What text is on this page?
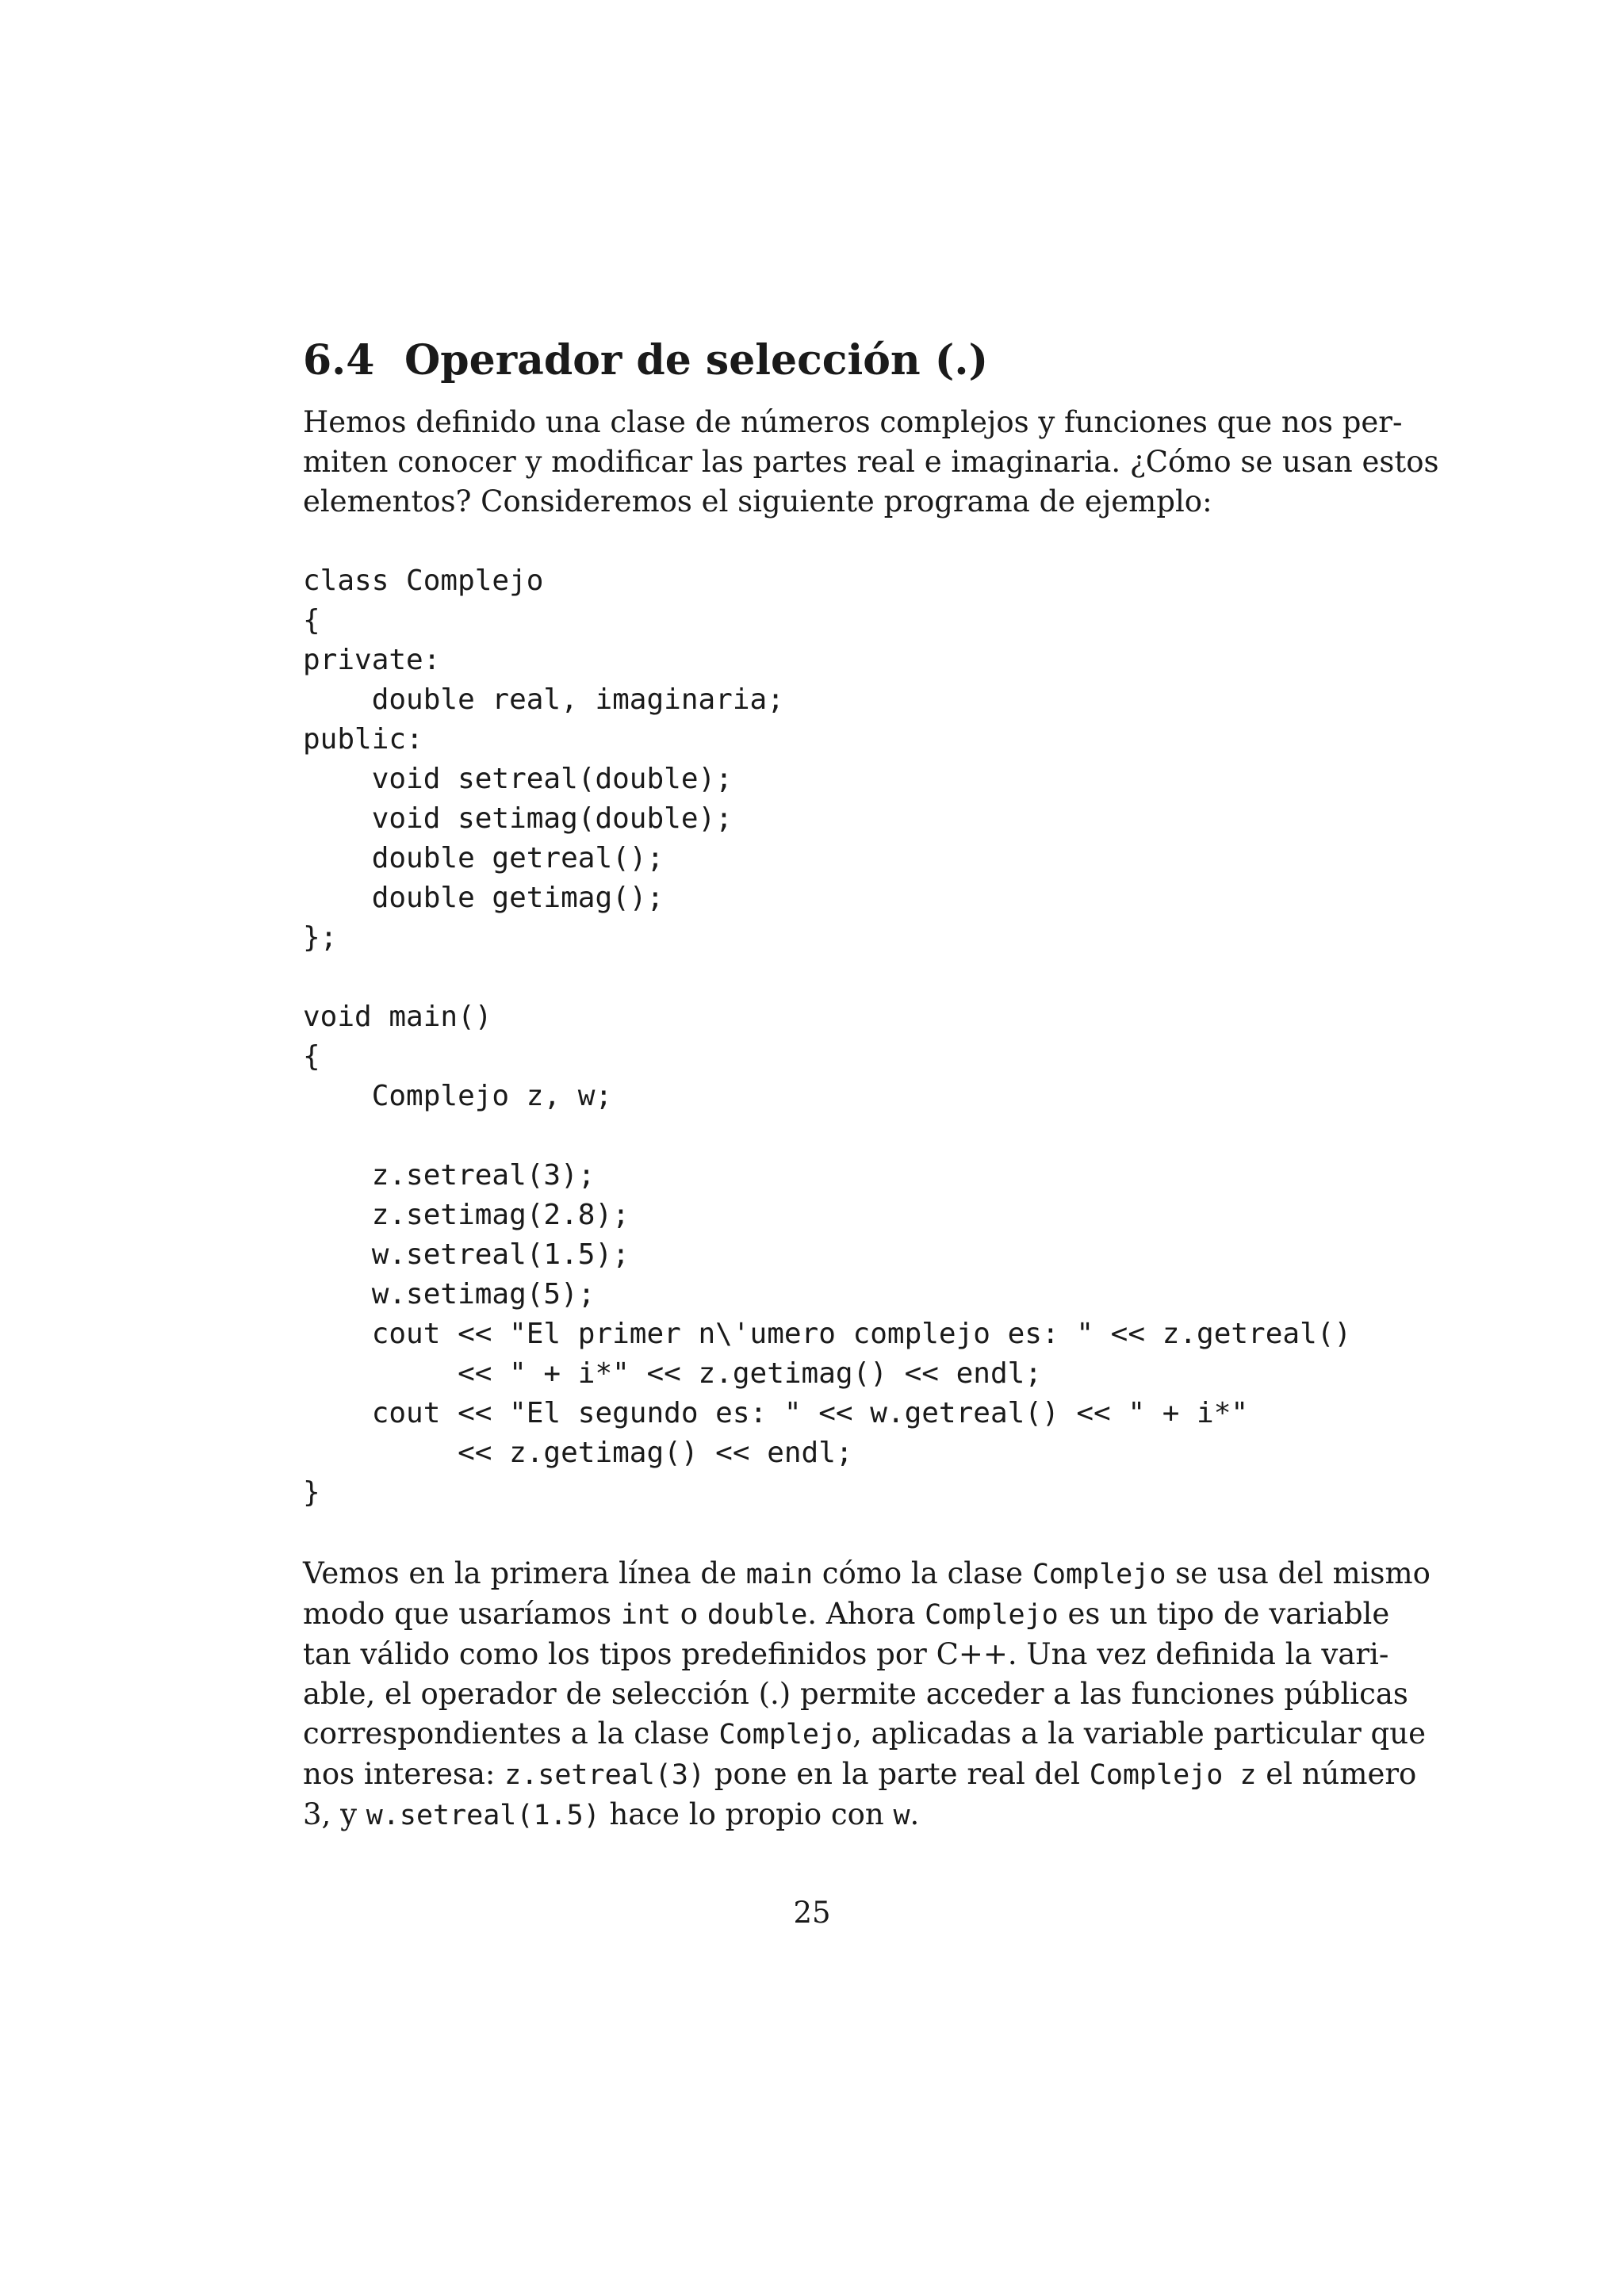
6.4 Operador de selección (.)

Hemos definido una clase de números complejos y funciones que nos per-
miten conocer y modificar las partes real e imaginaria. ¿Cómo se usan estos
elementos? Consideremos el siguiente programa de ejemplo:

class Complejo
{
private:
double real, imaginaria;
public:
void setreal(double);
void setimag(double);
double getreal();
double getimag();
};
void main()
{
Complejo z, w;
z.setreal(3);
z.setimag(2.8);
w.setreal(1.5);
w.setimag(5);
cout << "El primer n\'umero complejo es: " << z.getreal()
<< " + i*" << z.getimag() << endl;
cout << "El segundo es: " << w.getreal() << " + i*"
<< z.getimag() << endl;
}

Vemos en la primera línea de main cómo la clase Complejo se usa del mismo
modo que usaríamos int o double. Ahora Complejo es un tipo de variable
tan válido como los tipos predefinidos por C++. Una vez definida la vari-
able, el operador de selección (.) permite acceder a las funciones públicas
correspondientes a la clase Complejo, aplicadas a la variable particular que
nos interesa: z.setreal(3) pone en la parte real del Complejo z el número
3, y w.setreal(1.5) hace lo propio con w.

25
